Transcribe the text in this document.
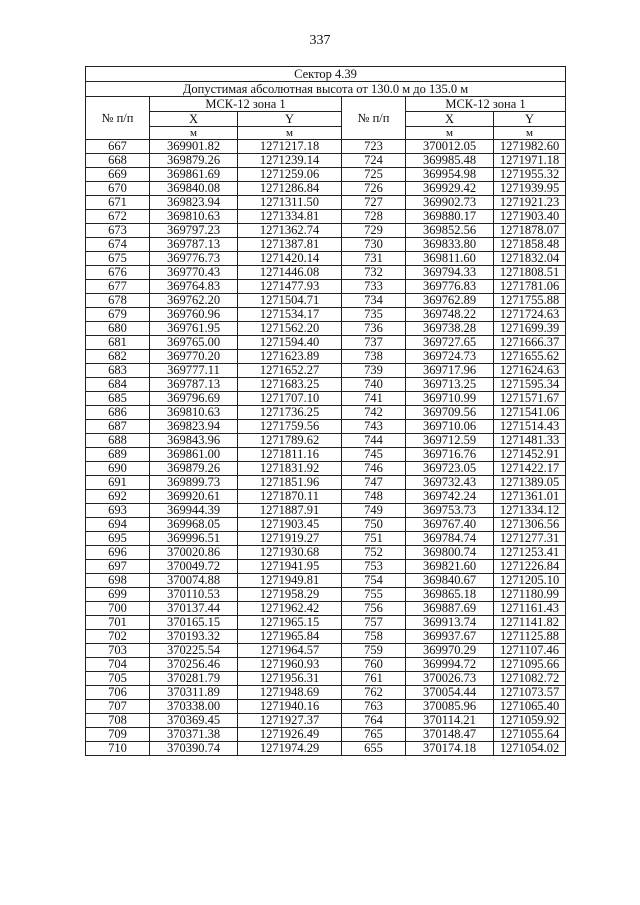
337
Сектор 4.39					
Допустимая абсолютная высота от 130.0 м до 135.0 м					
№ п/п	МСК-12 зона 1		№ п/п	МСК-12 зона 1	
	X	Y		X	Y
	м	м		м	м
667	369901.82	1271217.18	723	370012.05	1271982.60
668	369879.26	1271239.14	724	369985.48	1271971.18
669	369861.69	1271259.06	725	369954.98	1271955.32
670	369840.08	1271286.84	726	369929.42	1271939.95
671	369823.94	1271311.50	727	369902.73	1271921.23
672	369810.63	1271334.81	728	369880.17	1271903.40
673	369797.23	1271362.74	729	369852.56	1271878.07
674	369787.13	1271387.81	730	369833.80	1271858.48
675	369776.73	1271420.14	731	369811.60	1271832.04
676	369770.43	1271446.08	732	369794.33	1271808.51
677	369764.83	1271477.93	733	369776.83	1271781.06
678	369762.20	1271504.71	734	369762.89	1271755.88
679	369760.96	1271534.17	735	369748.22	1271724.63
680	369761.95	1271562.20	736	369738.28	1271699.39
681	369765.00	1271594.40	737	369727.65	1271666.37
682	369770.20	1271623.89	738	369724.73	1271655.62
683	369777.11	1271652.27	739	369717.96	1271624.63
684	369787.13	1271683.25	740	369713.25	1271595.34
685	369796.69	1271707.10	741	369710.99	1271571.67
686	369810.63	1271736.25	742	369709.56	1271541.06
687	369823.94	1271759.56	743	369710.06	1271514.43
688	369843.96	1271789.62	744	369712.59	1271481.33
689	369861.00	1271811.16	745	369716.76	1271452.91
690	369879.26	1271831.92	746	369723.05	1271422.17
691	369899.73	1271851.96	747	369732.43	1271389.05
692	369920.61	1271870.11	748	369742.24	1271361.01
693	369944.39	1271887.91	749	369753.73	1271334.12
694	369968.05	1271903.45	750	369767.40	1271306.56
695	369996.51	1271919.27	751	369784.74	1271277.31
696	370020.86	1271930.68	752	369800.74	1271253.41
697	370049.72	1271941.95	753	369821.60	1271226.84
698	370074.88	1271949.81	754	369840.67	1271205.10
699	370110.53	1271958.29	755	369865.18	1271180.99
700	370137.44	1271962.42	756	369887.69	1271161.43
701	370165.15	1271965.15	757	369913.74	1271141.82
702	370193.32	1271965.84	758	369937.67	1271125.88
703	370225.54	1271964.57	759	369970.29	1271107.46
704	370256.46	1271960.93	760	369994.72	1271095.66
705	370281.79	1271956.31	761	370026.73	1271082.72
706	370311.89	1271948.69	762	370054.44	1271073.57
707	370338.00	1271940.16	763	370085.96	1271065.40
708	370369.45	1271927.37	764	370114.21	1271059.92
709	370371.38	1271926.49	765	370148.47	1271055.64
710	370390.74	1271974.29	655	370174.18	1271054.02
